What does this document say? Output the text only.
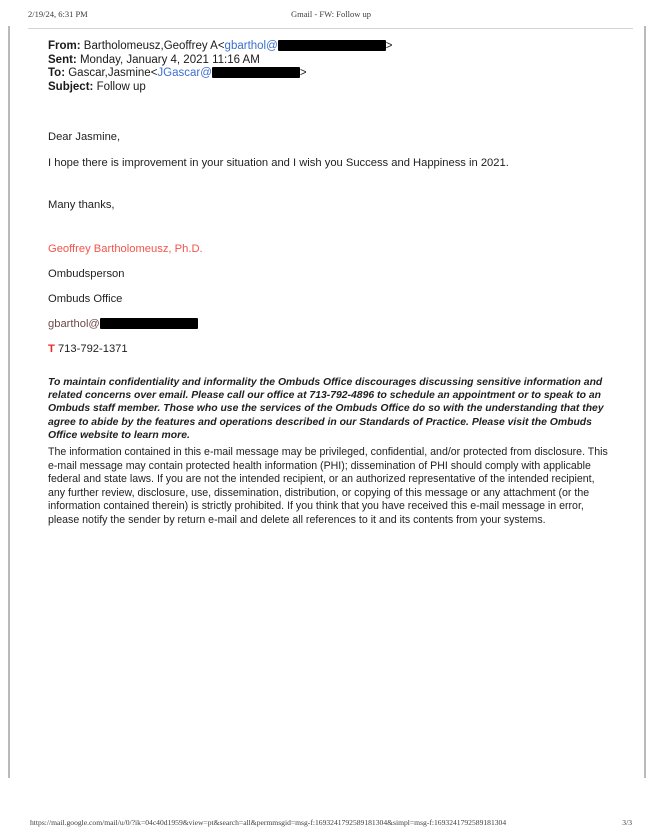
2/19/24, 6:31 PM	Gmail - FW: Follow up
From: Bartholomeusz,Geoffrey A<gbarthol@	>
Sent: Monday, January 4, 2021 11:16 AM
To: Gascar,Jasmine<JGascar@	>
Subject: Follow up
Dear Jasmine,
I hope there is improvement in your situation and I wish you Success and Happiness in 2021.
Many thanks,
Geoffrey Bartholomeusz, Ph.D.
Ombudsperson
Ombuds Office
gbarthol@
T 713-792-1371
To maintain confidentiality and informality the Ombuds Office discourages discussing sensitive information and related concerns over email. Please call our office at 713-792-4896 to schedule an appointment or to speak to an Ombuds staff member. Those who use the services of the Ombuds Office do so with the understanding that they agree to abide by the features and operations described in our Standards of Practice. Please visit the Ombuds Office website to learn more.
The information contained in this e-mail message may be privileged, confidential, and/or protected from disclosure. This e-mail message may contain protected health information (PHI); dissemination of PHI should comply with applicable federal and state laws. If you are not the intended recipient, or an authorized representative of the intended recipient, any further review, disclosure, use, dissemination, distribution, or copying of this message or any attachment (or the information contained therein) is strictly prohibited. If you think that you have received this e-mail message in error, please notify the sender by return e-mail and delete all references to it and its contents from your systems.
https://mail.google.com/mail/u/0/?ik=04c40d1959&view=pt&search=all&permmsgid=msg-f:1693241792589181304&simpl=msg-f:1693241792589181304	3/3
